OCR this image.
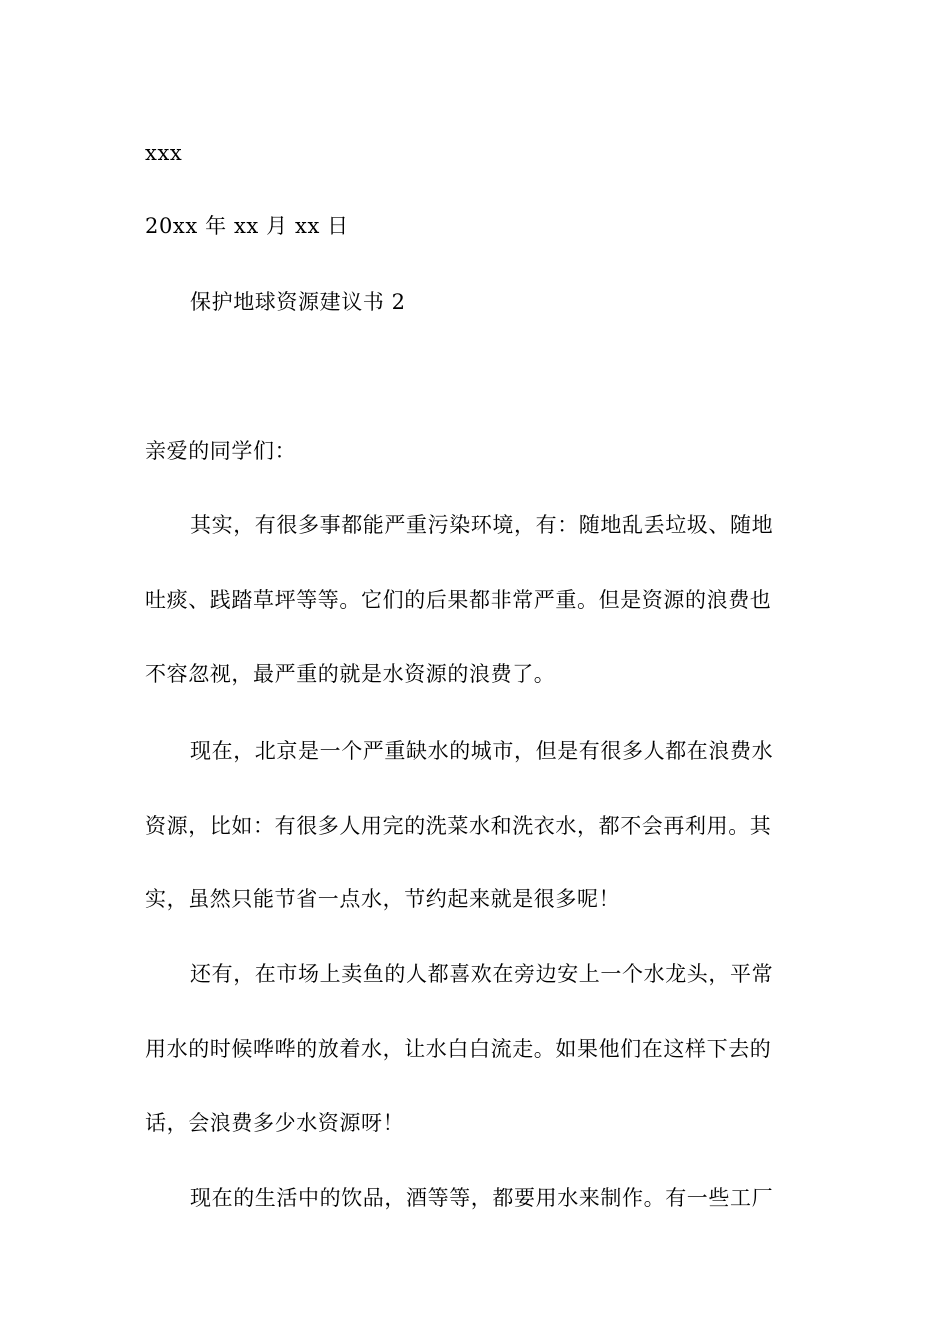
xxx
20xx 年 xx 月 xx 日
保护地球资源建议书 2
亲爱的同学们：
其实，有很多事都能严重污染环境，有：随地乱丢垃圾、随地
吐痰、践踏草坪等等。它们的后果都非常严重。但是资源的浪费也
不容忽视，最严重的就是水资源的浪费了。
现在，北京是一个严重缺水的城市，但是有很多人都在浪费水
资源，比如：有很多人用完的洗菜水和洗衣水，都不会再利用。其
实，虽然只能节省一点水，节约起来就是很多呢！
还有，在市场上卖鱼的人都喜欢在旁边安上一个水龙头，平常
用水的时候哗哗的放着水，让水白白流走。如果他们在这样下去的
话，会浪费多少水资源呀！
现在的生活中的饮品，酒等等，都要用水来制作。有一些工厂
